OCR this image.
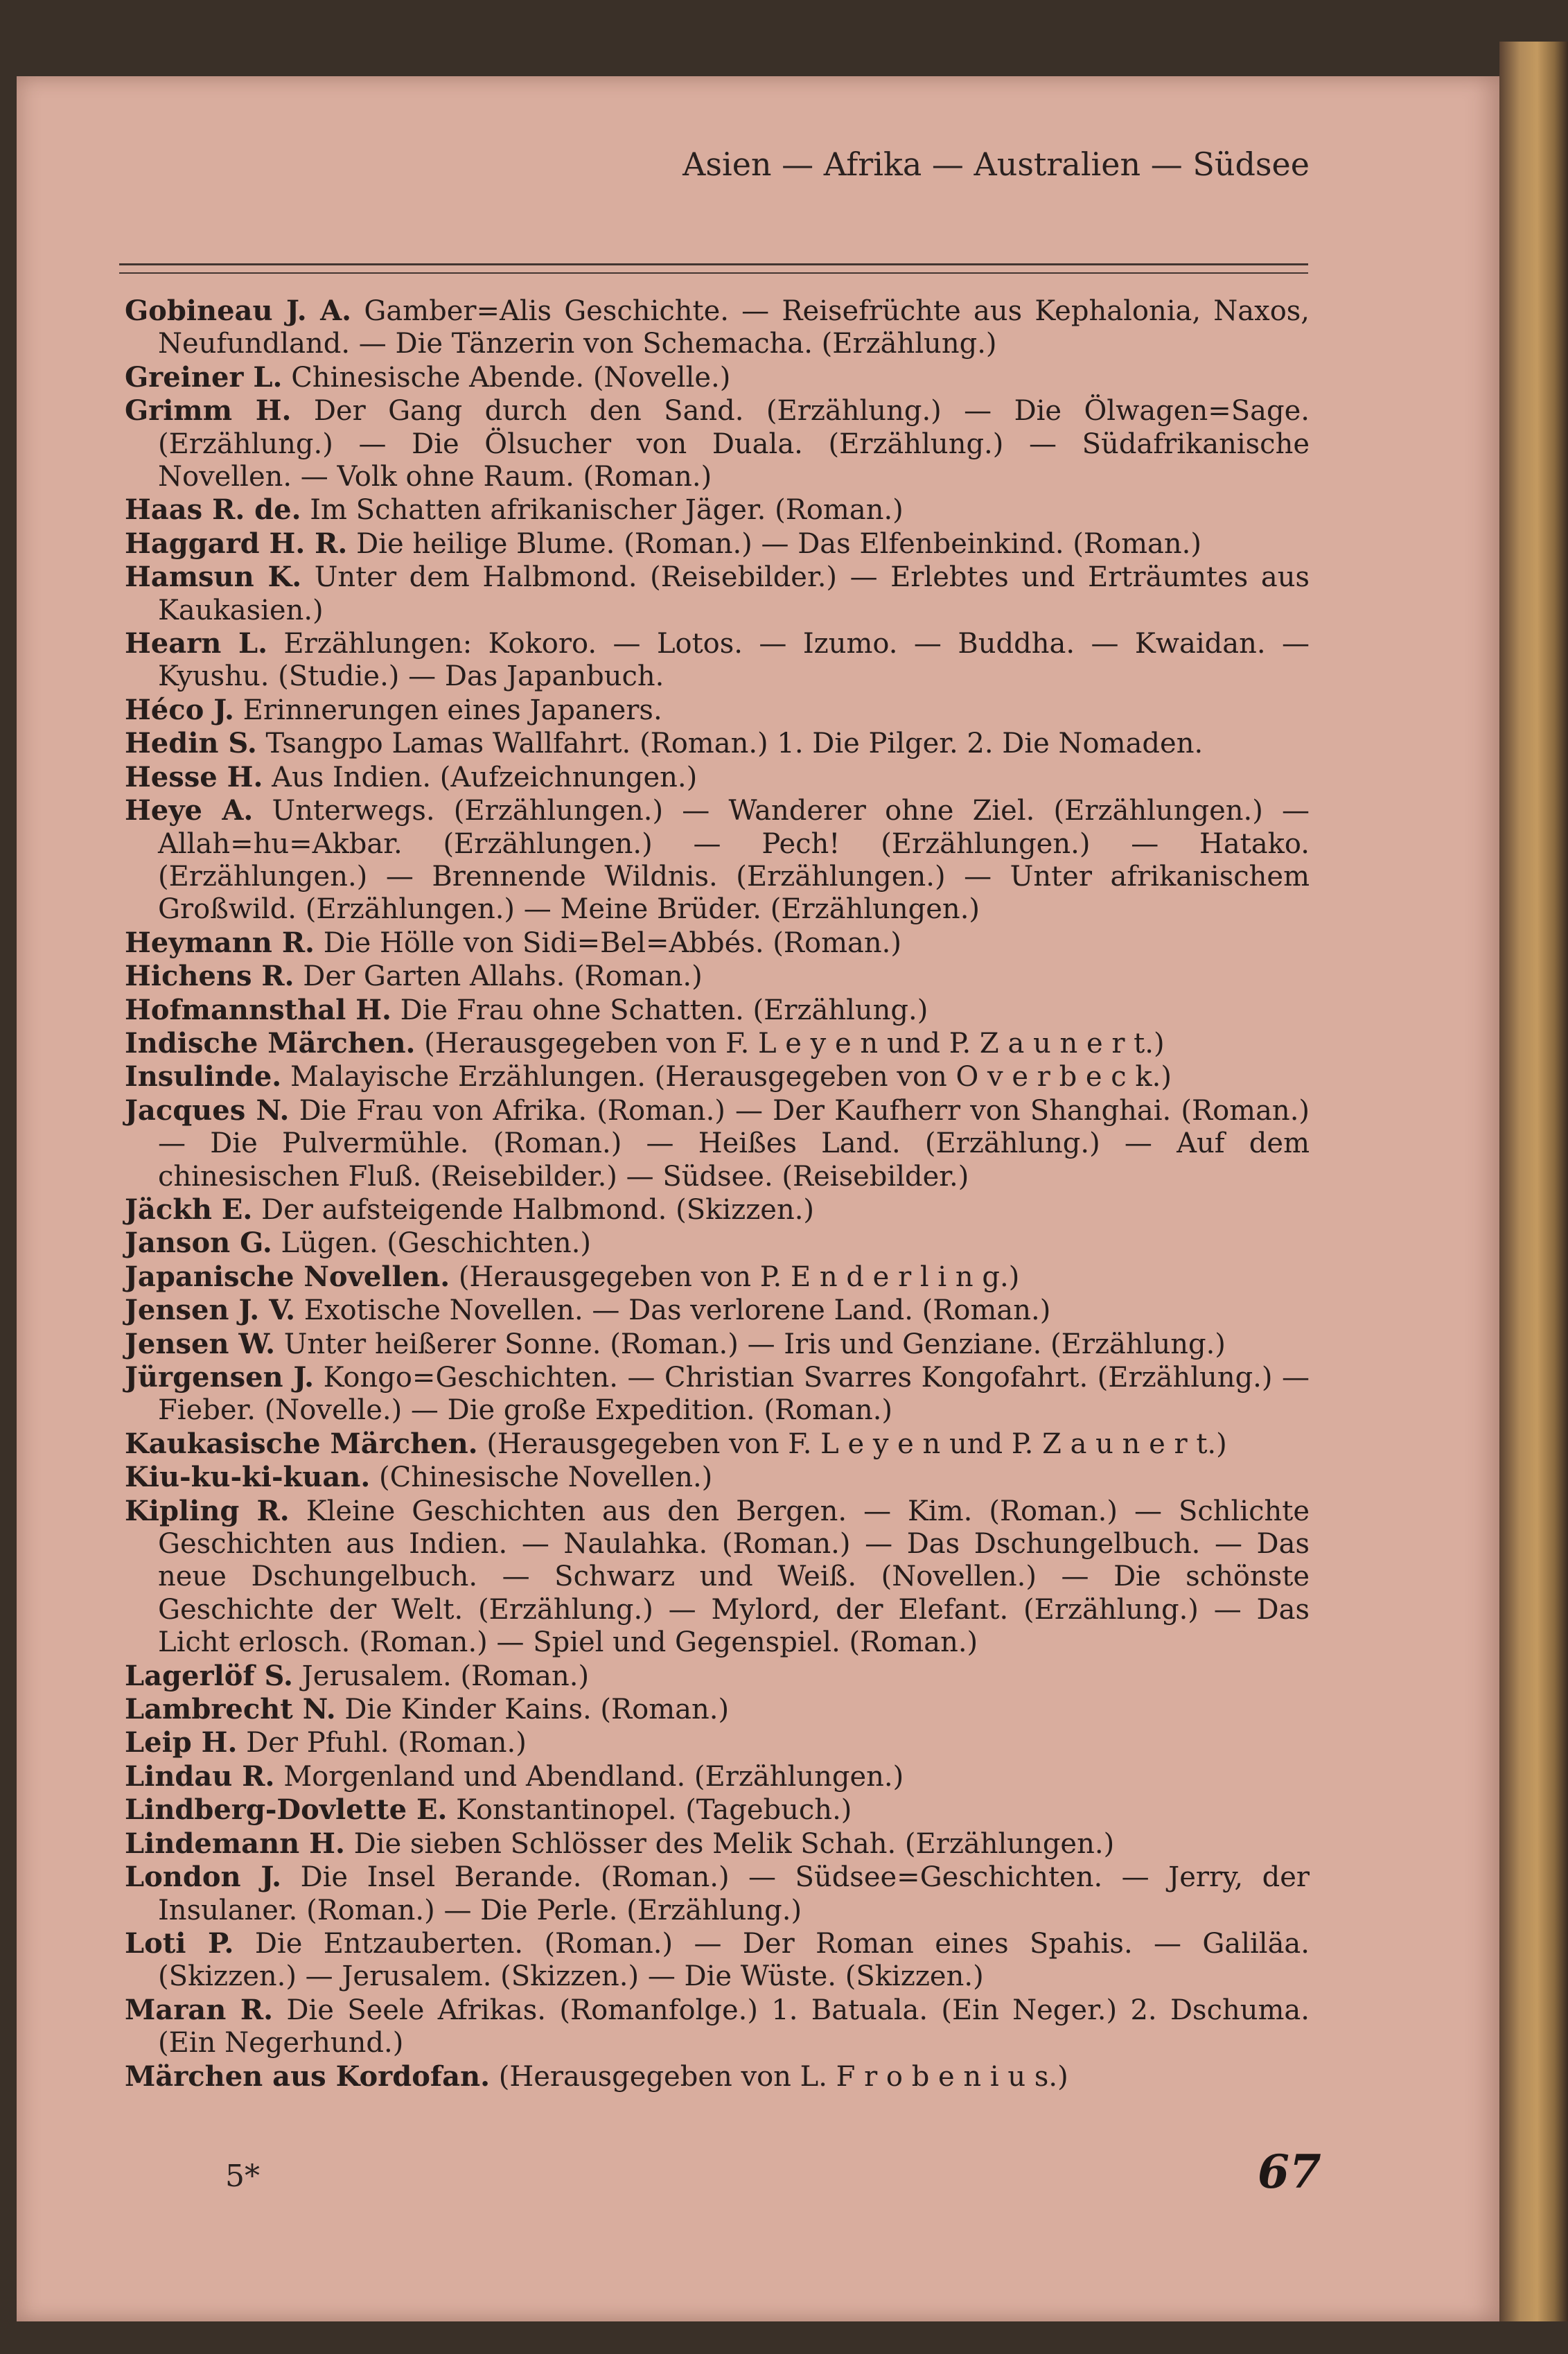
Asien — Afrika — Australien — Südsee
Gobineau J. A. Gamber=Alis Geschichte. — Reisefrüchte aus Kephalonia, Naxos, Neufundland. — Die Tänzerin von Schemacha. (Erzählung.)
Greiner L. Chinesische Abende. (Novelle.)
Grimm H. Der Gang durch den Sand. (Erzählung.) — Die Ölwagen=Sage. (Erzählung.) — Die Ölsucher von Duala. (Erzählung.) — Südafrikanische Novellen. — Volk ohne Raum. (Roman.)
Haas R. de. Im Schatten afrikanischer Jäger. (Roman.)
Haggard H. R. Die heilige Blume. (Roman.) — Das Elfenbeinkind. (Roman.)
Hamsun K. Unter dem Halbmond. (Reisebilder.) — Erlebtes und Erträumtes aus Kaukasien.)
Hearn L. Erzählungen: Kokoro. — Lotos. — Izumo. — Buddha. — Kwaidan. — Kyushu. (Studie.) — Das Japanbuch.
Héco J. Erinnerungen eines Japaners.
Hedin S. Tsangpo Lamas Wallfahrt. (Roman.) 1. Die Pilger. 2. Die Nomaden.
Hesse H. Aus Indien. (Aufzeichnungen.)
Heye A. Unterwegs. (Erzählungen.) — Wanderer ohne Ziel. (Erzählungen.) — Allah=hu=Akbar. (Erzählungen.) — Pech! (Erzählungen.) — Hatako. (Erzählungen.) — Brennende Wildnis. (Erzählungen.) — Unter afrikanischem Großwild. (Erzählungen.) — Meine Brüder. (Erzählungen.)
Heymann R. Die Hölle von Sidi=Bel=Abbés. (Roman.)
Hichens R. Der Garten Allahs. (Roman.)
Hofmannsthal H. Die Frau ohne Schatten. (Erzählung.)
Indische Märchen. (Herausgegeben von F. L e y e n und P. Z a u n e r t.)
Insulinde. Malayische Erzählungen. (Herausgegeben von O v e r b e c k.)
Jacques N. Die Frau von Afrika. (Roman.) — Der Kaufherr von Shanghai. (Roman.) — Die Pulvermühle. (Roman.) — Heißes Land. (Erzählung.) — Auf dem chinesischen Fluß. (Reisebilder.) — Südsee. (Reisebilder.)
Jäckh E. Der aufsteigende Halbmond. (Skizzen.)
Janson G. Lügen. (Geschichten.)
Japanische Novellen. (Herausgegeben von P. E n d e r l i n g.)
Jensen J. V. Exotische Novellen. — Das verlorene Land. (Roman.)
Jensen W. Unter heißerer Sonne. (Roman.) — Iris und Genziane. (Erzählung.)
Jürgensen J. Kongo=Geschichten. — Christian Svarres Kongofahrt. (Erzählung.) — Fieber. (Novelle.) — Die große Expedition. (Roman.)
Kaukasische Märchen. (Herausgegeben von F. L e y e n und P. Z a u n e r t.)
Kiu-ku-ki-kuan. (Chinesische Novellen.)
Kipling R. Kleine Geschichten aus den Bergen. — Kim. (Roman.) — Schlichte Geschichten aus Indien. — Naulahka. (Roman.) — Das Dschungelbuch. — Das neue Dschungelbuch. — Schwarz und Weiß. (Novellen.) — Die schönste Geschichte der Welt. (Erzählung.) — Mylord, der Elefant. (Erzählung.) — Das Licht erlosch. (Roman.) — Spiel und Gegenspiel. (Roman.)
Lagerlöf S. Jerusalem. (Roman.)
Lambrecht N. Die Kinder Kains. (Roman.)
Leip H. Der Pfuhl. (Roman.)
Lindau R. Morgenland und Abendland. (Erzählungen.)
Lindberg-Dovlette E. Konstantinopel. (Tagebuch.)
Lindemann H. Die sieben Schlösser des Melik Schah. (Erzählungen.)
London J. Die Insel Berande. (Roman.) — Südsee=Geschichten. — Jerry, der Insulaner. (Roman.) — Die Perle. (Erzählung.)
Loti P. Die Entzauberten. (Roman.) — Der Roman eines Spahis. — Galiläa. (Skizzen.) — Jerusalem. (Skizzen.) — Die Wüste. (Skizzen.)
Maran R. Die Seele Afrikas. (Romanfolge.) 1. Batuala. (Ein Neger.) 2. Dschuma. (Ein Negerhund.)
Märchen aus Kordofan. (Herausgegeben von L. F r o b e n i u s.)
5*	67
